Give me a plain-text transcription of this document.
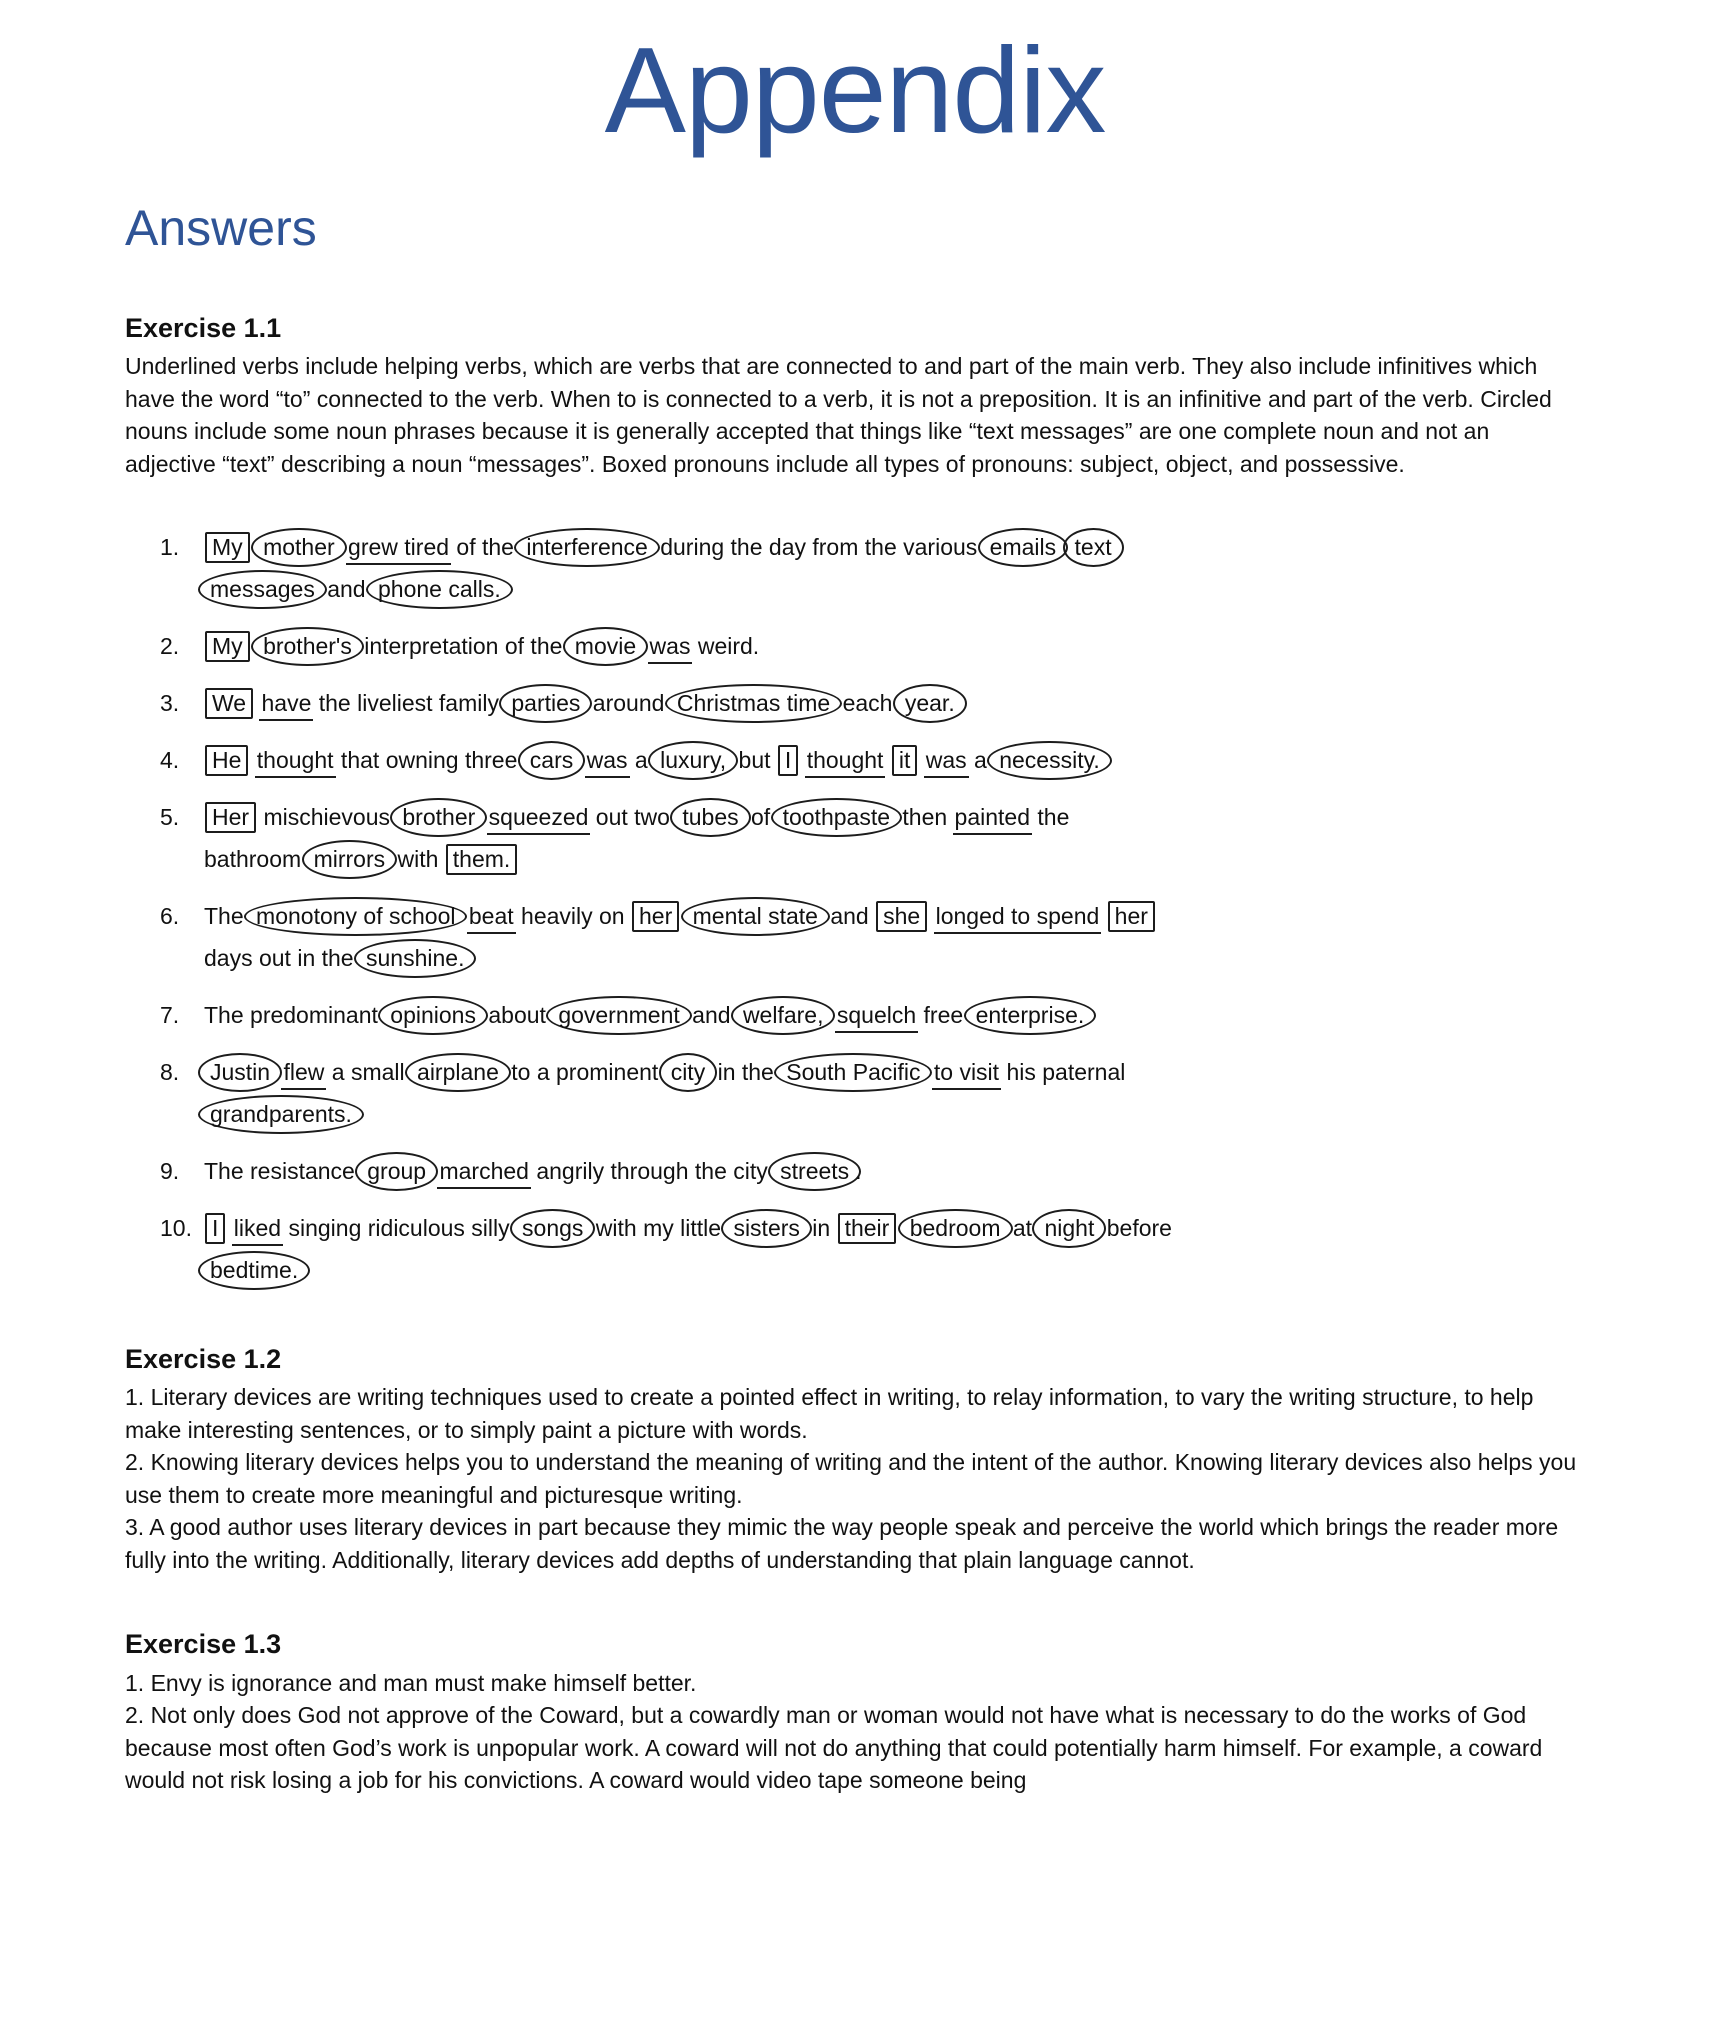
Appendix
Answers
Exercise 1.1

Underlined verbs include helping verbs, which are verbs that are connected to and part of the main verb. They also include infinitives which have the word “to” connected to the verb. When to is connected to a verb, it is not a preposition. It is an infinitive and part of the verb. Circled nouns include some noun phrases because it is generally accepted that things like “text messages” are one complete noun and not an adjective “text” describing a noun “messages”. Boxed pronouns include all types of pronouns: subject, object, and possessive.

1.	My mother grew tired of the interference during the day from the various emails text
messages and phone calls.
2.	My brother's interpretation of the movie was weird.
3.	We have the liveliest family parties around Christmas time each year.
4.	He thought that owning three cars was a luxury, but I thought it was a necessity.
5.	Her mischievous brother squeezed out two tubes of toothpaste then painted the
bathroom mirrors with them.
6.	The monotony of school beat heavily on her mental state and she longed to spend her
days out in the sunshine.
7.	The predominant opinions about government and welfare, squelch free enterprise.
8.	Justin flew a small airplane to a prominent city in the South Pacific to visit his paternal
grandparents.
9.	The resistance group marched angrily through the city streets .
10. I liked singing ridiculous silly songs with my little sisters in their bedroom at night before
bedtime.
Exercise 1.2

1. Literary devices are writing techniques used to create a pointed effect in writing, to relay information, to vary the writing structure, to help make interesting sentences, or to simply paint a picture with words.

2. Knowing literary devices helps you to understand the meaning of writing and the intent of the author. Knowing literary devices also helps you use them to create more meaningful and picturesque writing.

3. A good author uses literary devices in part because they mimic the way people speak and perceive the world which brings the reader more fully into the writing. Additionally, literary devices add depths of understanding that plain language cannot.

Exercise 1.3

1. Envy is ignorance and man must make himself better.

2. Not only does God not approve of the Coward, but a cowardly man or woman would not have what is necessary to do the works of God because most often God’s work is unpopular work. A coward will not do anything that could potentially harm himself. For example, a coward would not risk losing a job for his convictions. A coward would video tape someone being
